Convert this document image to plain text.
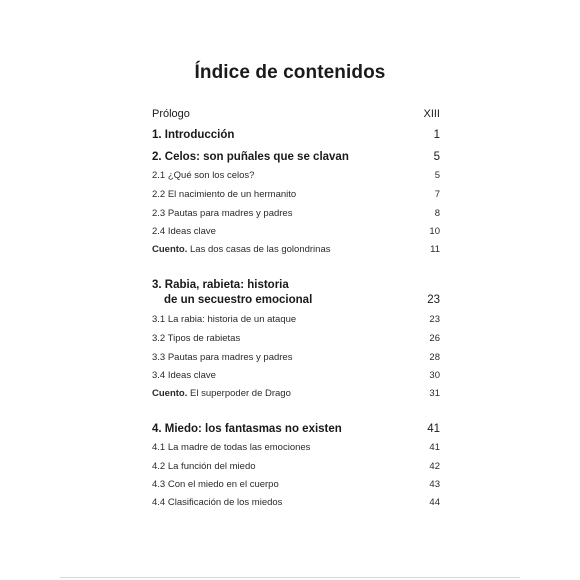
Índice de contenidos
Prólogo	XIII
1. Introducción	1
2. Celos: son puñales que se clavan	5
2.1 ¿Qué son los celos?	5
2.2 El nacimiento de un hermanito	7
2.3 Pautas para madres y padres	8
2.4 Ideas clave	10
Cuento. Las dos casas de las golondrinas	11
3. Rabia, rabieta: historia
de un secuestro emocional	23
3.1 La rabia: historia de un ataque	23
3.2 Tipos de rabietas	26
3.3 Pautas para madres y padres	28
3.4 Ideas clave	30
Cuento. El superpoder de Drago	31
4. Miedo: los fantasmas no existen	41
4.1 La madre de todas las emociones	41
4.2 La función del miedo	42
4.3 Con el miedo en el cuerpo	43
4.4 Clasificación de los miedos	44
